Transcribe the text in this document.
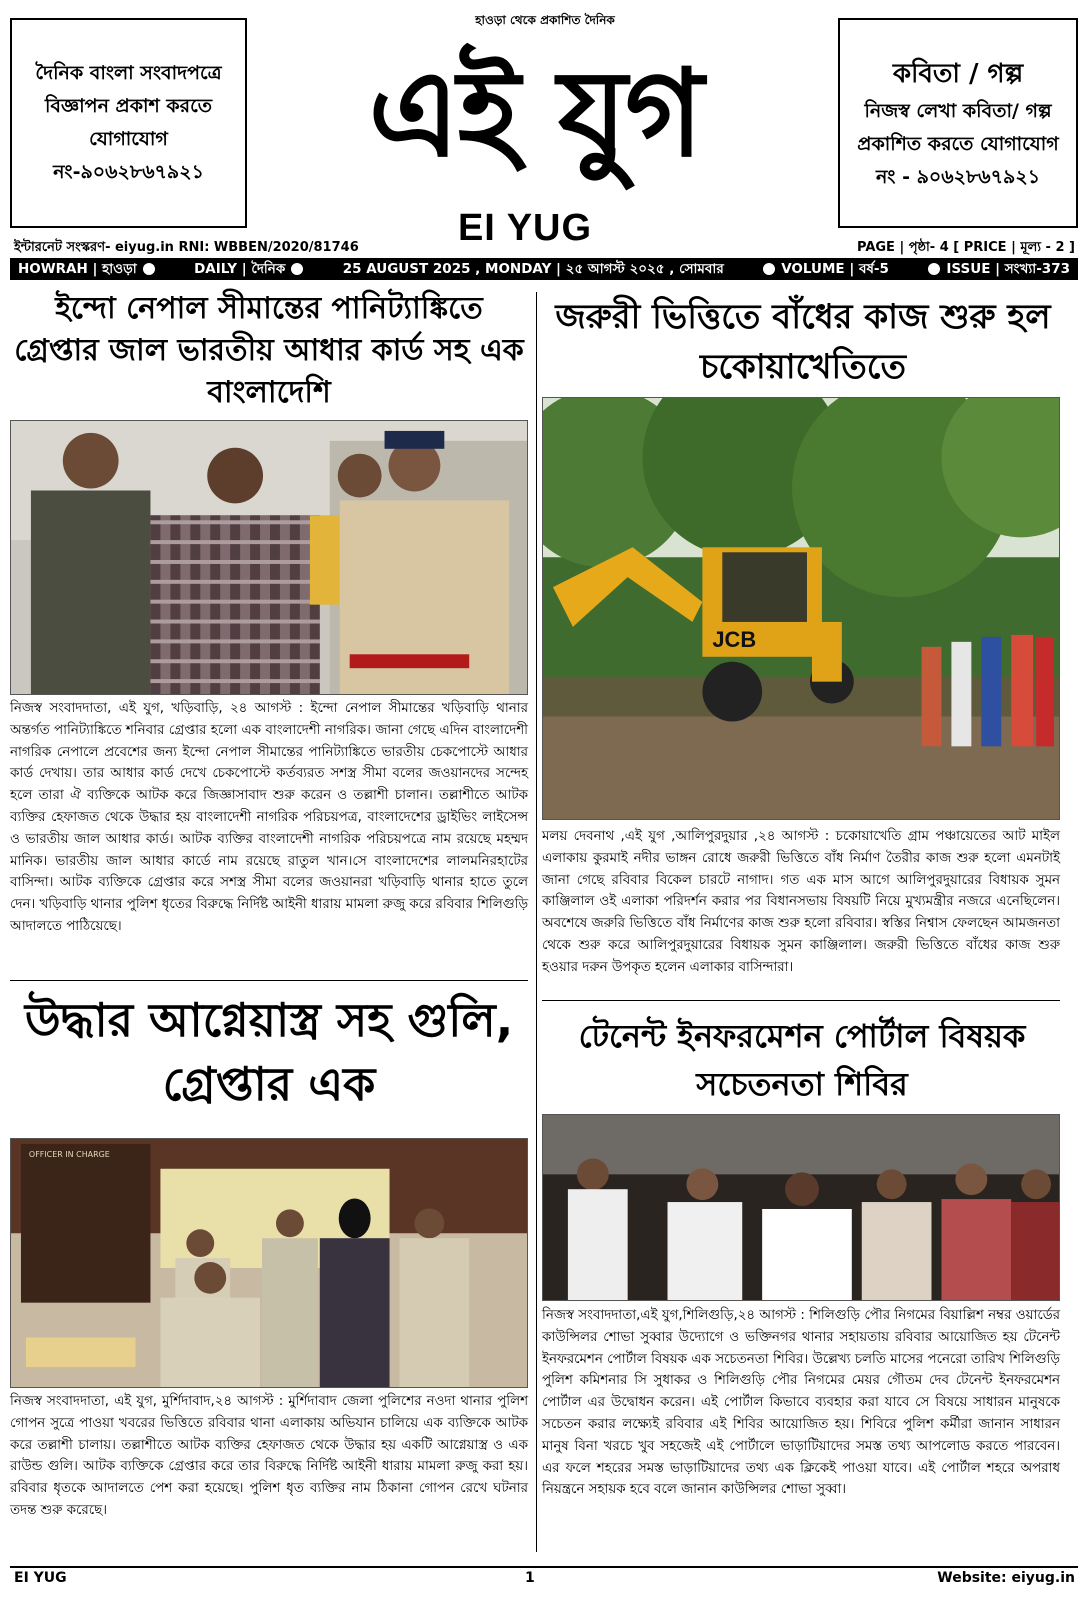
দৈনিক বাংলা সংবাদপত্রে বিজ্ঞাপন প্রকাশ করতে যোগাযোগ নং-৯০৬২৮৬৭৯২১
হাওড়া থেকে প্রকাশিত দৈনিক
এই যুগ
EI YUG
কবিতা / গল্প
নিজস্ব লেখা কবিতা/ গল্প প্রকাশিত করতে যোগাযোগ নং - ৯০৬২৮৬৭৯২১
ইন্টারনেট সংস্করণ- eiyug.in RNI: WBBEN/2020/81746	PAGE | পৃষ্ঠা- 4 [ PRICE | মূল্য - 2 ]
HOWRAH | হাওড়া	DAILY | দৈনিক	25 AUGUST 2025 , MONDAY | ২৫ আগস্ট ২০২৫ , সোমবার	VOLUME | বর্ষ-5	ISSUE | সংখ্যা-373
ইন্দো নেপাল সীমান্তের পানিট্যাঙ্কিতে গ্রেপ্তার জাল ভারতীয় আধার কার্ড সহ এক বাংলাদেশি
নিজস্ব সংবাদদাতা, এই যুগ, খড়িবাড়ি, ২৪ আগস্ট : ইন্দো নেপাল সীমান্তের খড়িবাড়ি থানার অন্তর্গত পানিট্যাঙ্কিতে শনিবার গ্রেপ্তার হলো এক বাংলাদেশী নাগরিক। জানা গেছে এদিন বাংলাদেশী নাগরিক নেপালে প্রবেশের জন্য ইন্দো নেপাল সীমান্তের পানিট্যাঙ্কিতে ভারতীয় চেকপোস্টে আধার কার্ড দেখায়। তার আধার কার্ড দেখে চেকপোস্টে কর্তব্যরত সশস্ত্র সীমা বলের জওয়ানদের সন্দেহ হলে তারা ঐ ব্যক্তিকে আটক করে জিজ্ঞাসাবাদ শুরু করেন ও তল্লাশী চালান। তল্লাশীতে আটক ব্যক্তির হেফাজত থেকে উদ্ধার হয় বাংলাদেশী নাগরিক পরিচয়পত্র, বাংলাদেশের ড্রাইভিং লাইসেন্স ও ভারতীয় জাল আধার কার্ড। আটক ব্যক্তির বাংলাদেশী নাগরিক পরিচয়পত্রে নাম রয়েছে মহম্মদ মানিক। ভারতীয় জাল আধার কার্ডে নাম রয়েছে রাতুল খান।সে বাংলাদেশের লালমনিরহাটের বাসিন্দা। আটক ব্যক্তিকে গ্রেপ্তার করে সশস্ত্র সীমা বলের জওয়ানরা খড়িবাড়ি থানার হাতে তুলে দেন। খড়িবাড়ি থানার পুলিশ ধৃতের বিরুদ্ধে নির্দিষ্ট আইনী ধারায় মামলা রুজু করে রবিবার শিলিগুড়ি আদালতে পাঠিয়েছে।
উদ্ধার আগ্নেয়াস্ত্র সহ গুলি, গ্রেপ্তার এক
OFFICER IN CHARGE
নিজস্ব সংবাদদাতা, এই যুগ, মুর্শিদাবাদ,২৪ আগস্ট : মুর্শিদাবাদ জেলা পুলিশের নওদা থানার পুলিশ গোপন সুত্রে পাওয়া খবরের ভিত্তিতে রবিবার থানা এলাকায় অভিযান চালিয়ে এক ব্যক্তিকে আটক করে তল্লাশী চালায়। তল্লাশীতে আটক ব্যক্তির হেফাজত থেকে উদ্ধার হয় একটি আগ্নেয়াস্ত্র ও এক রাউন্ড গুলি। আটক ব্যক্তিকে গ্রেপ্তার করে তার বিরুদ্ধে নির্দিষ্ট আইনী ধারায় মামলা রুজু করা হয়। রবিবার ধৃতকে আদালতে পেশ করা হয়েছে। পুলিশ ধৃত ব্যক্তির নাম ঠিকানা গোপন রেখে ঘটনার তদন্ত শুরু করেছে।
জরুরী ভিত্তিতে বাঁধের কাজ শুরু হল চকোয়াখেতিতে
JCB
মলয় দেবনাথ ,এই যুগ ,আলিপুরদুয়ার ,২৪ আগস্ট : চকোয়াখেতি গ্রাম পঞ্চায়েতের আট মাইল এলাকায় কুরমাই নদীর ভাঙ্গন রোধে জরুরী ভিত্তিতে বাঁধ নির্মাণ তৈরীর কাজ শুরু হলো এমনটাই জানা গেছে রবিবার বিকেল চারটে নাগাদ। গত এক মাস আগে আলিপুরদুয়ারের বিধায়ক সুমন কাঞ্জিলাল ওই এলাকা পরিদর্শন করার পর বিধানসভায় বিষয়টি নিয়ে মুখ্যমন্ত্রীর নজরে এনেছিলেন। অবশেষে জরুরি ভিত্তিতে বাঁধ নির্মাণের কাজ শুরু হলো রবিবার। স্বস্তির নিশ্বাস ফেলছেন আমজনতা থেকে শুরু করে আলিপুরদুয়ারের বিধায়ক সুমন কাঞ্জিলাল। জরুরী ভিত্তিতে বাঁধের কাজ শুরু হওয়ার দরুন উপকৃত হলেন এলাকার বাসিন্দারা।
টেনেন্ট ইনফরমেশন পোর্টাল বিষয়ক সচেতনতা শিবির
নিজস্ব সংবাদদাতা,এই যুগ,শিলিগুড়ি,২৪ আগস্ট : শিলিগুড়ি পৌর নিগমের বিয়াল্লিশ নম্বর ওয়ার্ডের কাউন্সিলর শোভা সুব্বার উদ্যোগে ও ভক্তিনগর থানার সহায়তায় রবিবার আয়োজিত হয় টেনেন্ট ইনফরমেশন পোর্টাল বিষয়ক এক সচেতনতা শিবির। উল্লেখ্য চলতি মাসের পনেরো তারিখ শিলিগুড়ি পুলিশ কমিশনার সি সুধাকর ও শিলিগুড়ি পৌর নিগমের মেয়র গৌতম দেব টেনেন্ট ইনফরমেশন পোর্টাল এর উদ্বোধন করেন। এই পোর্টাল কিভাবে ব্যবহার করা যাবে সে বিষয়ে সাধারন মানুষকে সচেতন করার লক্ষ্যেই রবিবার এই শিবির আয়োজিত হয়। শিবিরে পুলিশ কর্মীরা জানান সাধারন মানুষ বিনা খরচে খুব সহজেই এই পোর্টালে ভাড়াটিয়াদের সমস্ত তথ্য আপলোড করতে পারবেন। এর ফলে শহরের সমস্ত ভাড়াটিয়াদের তথ্য এক ক্লিকেই পাওয়া যাবে। এই পোর্টাল শহরে অপরাধ নিয়ন্ত্রনে সহায়ক হবে বলে জানান কাউন্সিলর শোভা সুব্বা।
EI YUG	1	Website: eiyug.in
